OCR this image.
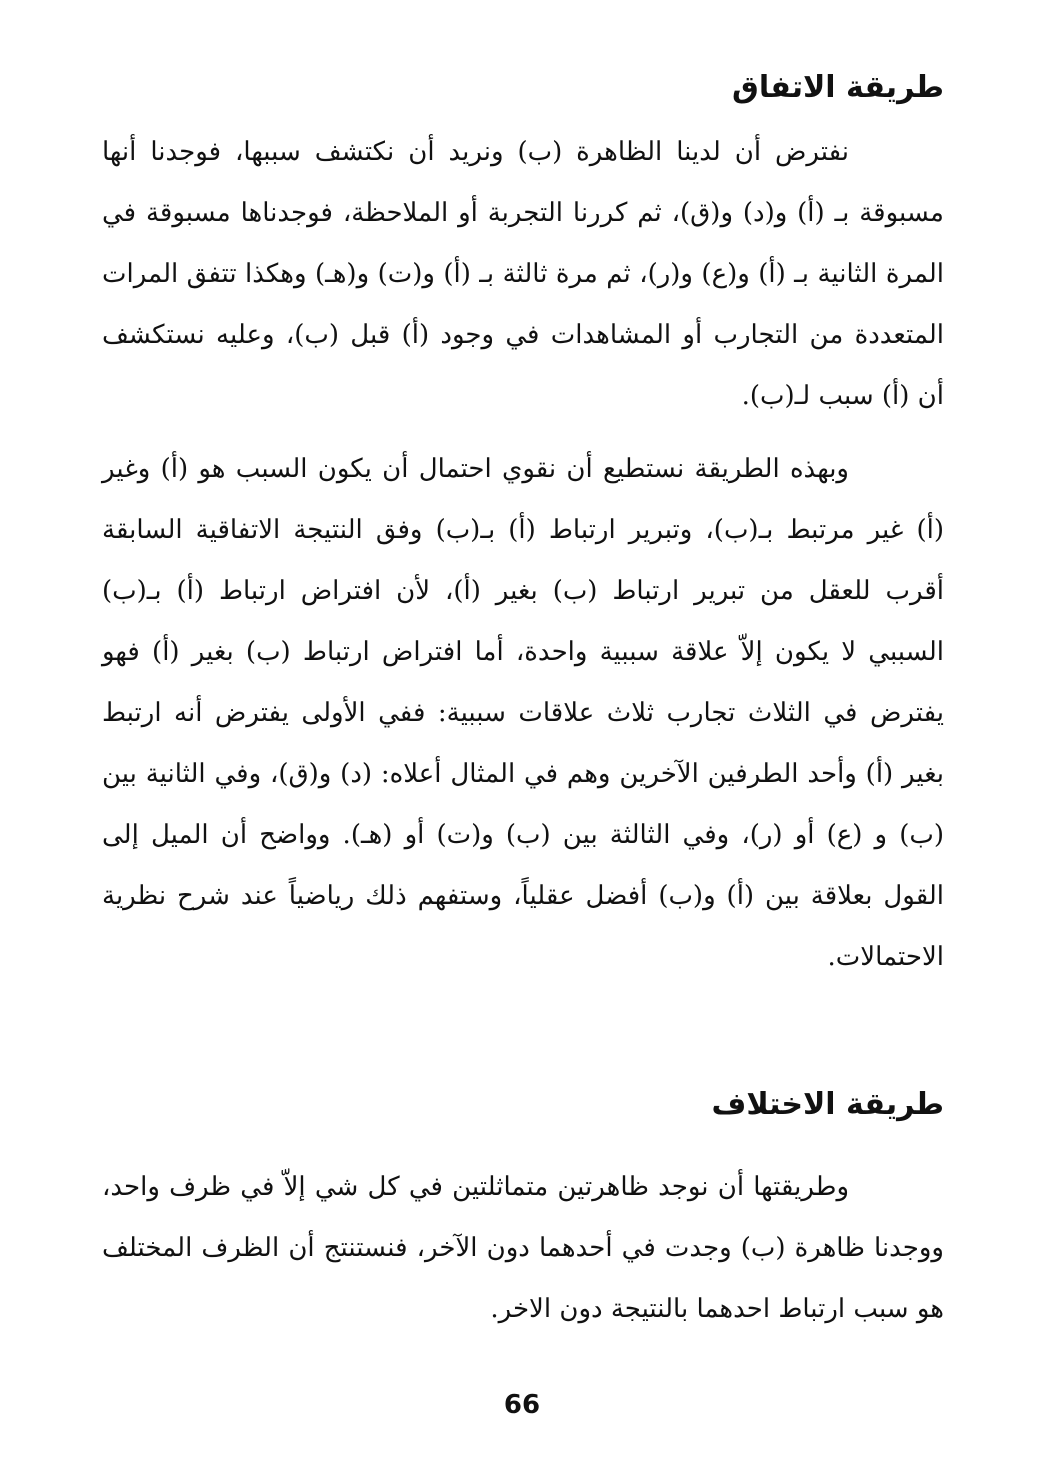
طريقة الاتفاق
نفترض أن لدينا الظاهرة (ب) ونريد أن نكتشف سببها، فوجدنا أنها مسبوقة بـ (أ) و(د) و(ق)، ثم كررنا التجربة أو الملاحظة، فوجدناها مسبوقة في المرة الثانية بـ (أ) و(ع) و(ر)، ثم مرة ثالثة بـ (أ) و(ت) و(هـ) وهكذا تتفق المرات المتعددة من التجارب أو المشاهدات في وجود (أ) قبل (ب)، وعليه نستكشف أن (أ) سبب لـ(ب).
وبهذه الطريقة نستطيع أن نقوي احتمال أن يكون السبب هو (أ) وغير (أ) غير مرتبط بـ(ب)، وتبرير ارتباط (أ) بـ(ب) وفق النتيجة الاتفاقية السابقة أقرب للعقل من تبرير ارتباط (ب) بغير (أ)، لأن افتراض ارتباط (أ) بـ(ب) السببي لا يكون إلاّ علاقة سببية واحدة، أما افتراض ارتباط (ب) بغير (أ) فهو يفترض في الثلاث تجارب ثلاث علاقات سببية: ففي الأولى يفترض أنه ارتبط بغير (أ) وأحد الطرفين الآخرين وهم في المثال أعلاه: (د) و(ق)، وفي الثانية بين (ب) و (ع) أو (ر)، وفي الثالثة بين (ب) و(ت) أو (هـ). وواضح أن الميل إلى القول بعلاقة بين (أ) و(ب) أفضل عقلياً، وستفهم ذلك رياضياً عند شرح نظرية الاحتمالات.
طريقة الاختلاف
وطريقتها أن نوجد ظاهرتين متماثلتين في كل شي إلاّ في ظرف واحد، ووجدنا ظاهرة (ب) وجدت في أحدهما دون الآخر، فنستنتج أن الظرف المختلف هو سبب ارتباط احدهما بالنتيجة دون الاخر.
66
